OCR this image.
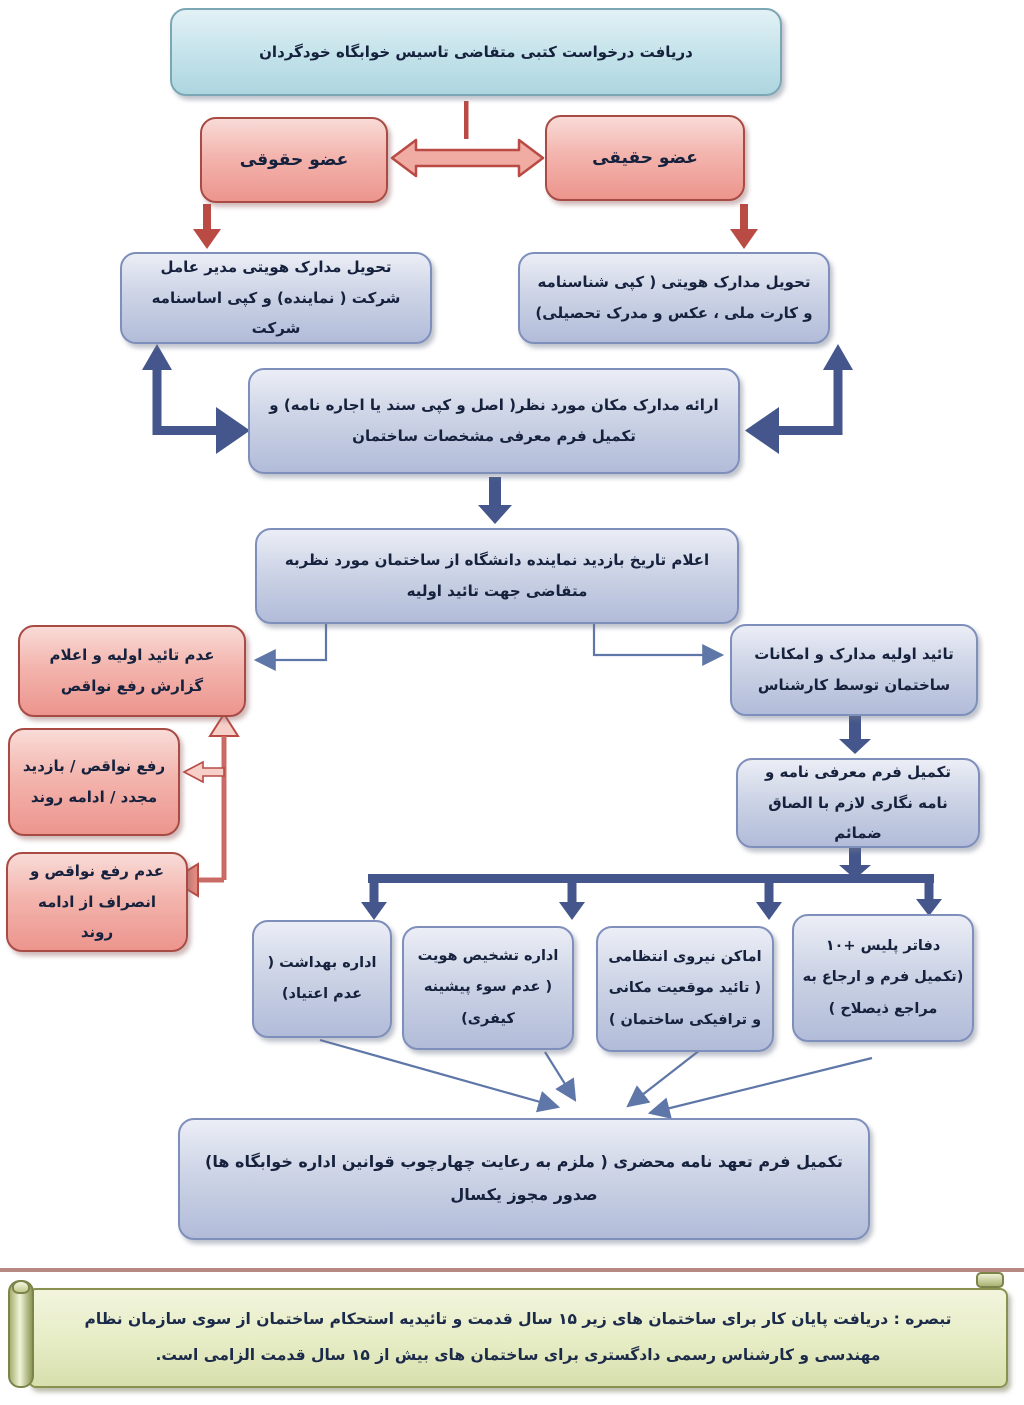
دریافت درخواست کتبی متقاضی تاسیس خوابگاه خودگردان
عضو حقوقی	عضو حقیقی
تحویل مدارک هویتی مدیر عامل شرکت ( نماینده) و کپی اساسنامه شرکت
تحویل مدارک هویتی ( کپی شناسنامه و کارت ملی ، عکس و مدرک تحصیلی)
ارائه مدارک مکان مورد نظر( اصل و کپی سند یا اجاره نامه) و تکمیل فرم معرفی مشخصات ساختمان
اعلام تاریخ بازدید نماینده دانشگاه از ساختمان مورد نظربه متقاضی جهت تائید اولیه
عدم تائید اولیه و اعلام گزارش رفع نواقص
رفع نواقص / بازدید مجدد / ادامه روند
عدم رفع نواقص و انصراف از ادامه روند
تائید اولیه مدارک و امکانات ساختمان توسط کارشناس
تکمیل فرم معرفی نامه و نامه نگاری لازم با الصاق ضمائم
اداره بهداشت ( عدم اعتیاد)
اداره تشخیص هویت ( عدم سوء پیشینه کیفری)
اماکن نیروی انتظامی ( تائید موقعیت مکانی و ترافیکی ساختمان )
دفاتر پلیس +۱۰ (تکمیل فرم و ارجاع به مراجع ذیصلاح )
تکمیل فرم تعهد نامه محضری ( ملزم به رعایت چهارچوب قوانین اداره خوابگاه ها) صدور مجوز یکسال
تبصره : دریافت پایان کار برای ساختمان های زیر ۱۵ سال قدمت و تائیدیه استحکام ساختمان از سوی سازمان نظام مهندسی و کارشناس رسمی دادگستری برای ساختمان های بیش از ۱۵ سال قدمت الزامی است.
